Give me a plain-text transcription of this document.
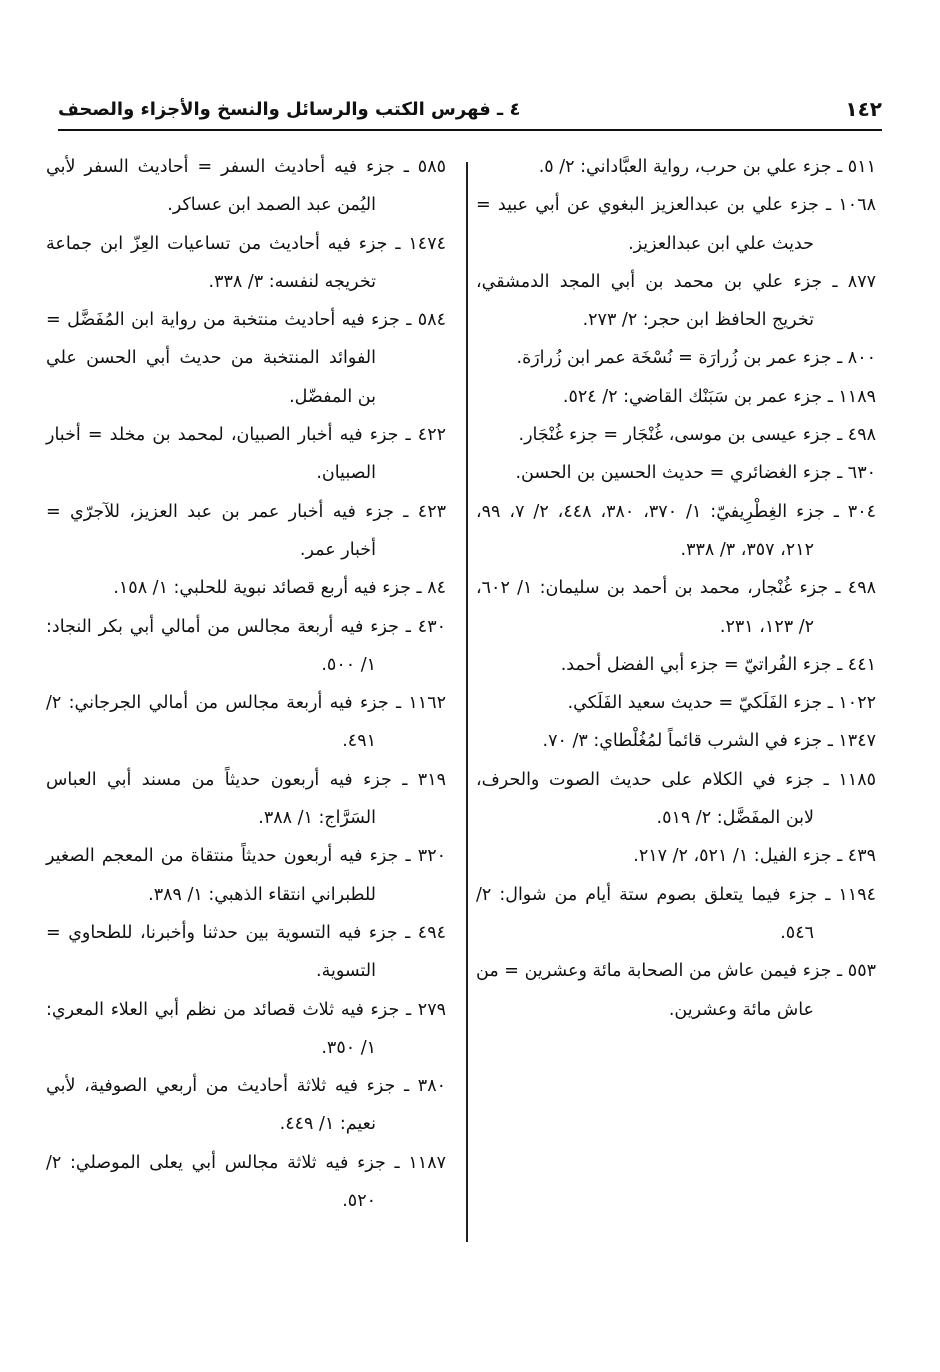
١٤٢
٤ ـ فهرس الكتب والرسائل والنسخ والأجزاء والصحف
٥١١ ـ جزء علي بن حرب، رواية العبَّاداني: ٢/ ٥.
١٠٦٨ ـ جزء علي بن عبدالعزيز البغوي عن أبي عبيد = حديث علي ابن عبدالعزيز.
٨٧٧ ـ جزء علي بن محمد بن أبي المجد الدمشقي، تخريج الحافظ ابن حجر: ٢/ ٢٧٣.
٨٠٠ ـ جزء عمر بن زُرارَة = نُسْخَة عمر ابن زُرارَة.
١١٨٩ ـ جزء عمر بن سَبَنْك القاضي: ٢/ ٥٢٤.
٤٩٨ ـ جزء عيسى بن موسى، غُنْجَار = جزء غُنْجَار.
٦٣٠ ـ جزء الغضائري = حديث الحسين بن الحسن.
٣٠٤ ـ جزء الغِطْرِيفيّ: ١/ ٣٧٠، ٣٨٠، ٤٤٨، ٢/ ٧، ٩٩، ٢١٢، ٣٥٧، ٣/ ٣٣٨.
٤٩٨ ـ جزء غُنْجار، محمد بن أحمد بن سليمان: ١/ ٦٠٢، ٢/ ١٢٣، ٢٣١.
٤٤١ ـ جزء الفُراتيّ = جزء أبي الفضل أحمد.
١٠٢٢ ـ جزء الفَلَكيّ = حديث سعيد الفَلَكي.
١٣٤٧ ـ جزء في الشرب قائماً لمُغُلْطاي: ٣/ ٧٠.
١١٨٥ ـ جزء في الكلام على حديث الصوت والحرف، لابن المفَضَّل: ٢/ ٥١٩.
٤٣٩ ـ جزء الفيل: ١/ ٥٢١، ٢/ ٢١٧.
١١٩٤ ـ جزء فيما يتعلق بصوم ستة أيام من شوال: ٢/ ٥٤٦.
٥٥٣ ـ جزء فيمن عاش من الصحابة مائة وعشرين = من عاش مائة وعشرين.
٥٨٥ ـ جزء فيه أحاديث السفر = أحاديث السفر لأبي اليُمن عبد الصمد ابن عساكر.
١٤٧٤ ـ جزء فيه أحاديث من تساعيات العِزّ ابن جماعة تخريجه لنفسه: ٣/ ٣٣٨.
٥٨٤ ـ جزء فيه أحاديث منتخبة من رواية ابن المُفَضَّل = الفوائد المنتخبة من حديث أبي الحسن علي بن المفضّل.
٤٢٢ ـ جزء فيه أخبار الصبيان، لمحمد بن مخلد = أخبار الصبيان.
٤٢٣ ـ جزء فيه أخبار عمر بن عبد العزيز، للآجرّي = أخبار عمر.
٨٤ ـ جزء فيه أربع قصائد نبوية للحلبي: ١/ ١٥٨.
٤٣٠ ـ جزء فيه أربعة مجالس من أمالي أبي بكر النجاد: ١/ ٥٠٠.
١١٦٢ ـ جزء فيه أربعة مجالس من أمالي الجرجاني: ٢/ ٤٩١.
٣١٩ ـ جزء فيه أربعون حديثاً من مسند أبي العباس السَرَّاج: ١/ ٣٨٨.
٣٢٠ ـ جزء فيه أربعون حديثاً منتقاة من المعجم الصغير للطبراني انتقاء الذهبي: ١/ ٣٨٩.
٤٩٤ ـ جزء فيه التسوية بين حدثنا وأخبرنا، للطحاوي = التسوية.
٢٧٩ ـ جزء فيه ثلاث قصائد من نظم أبي العلاء المعري: ١/ ٣٥٠.
٣٨٠ ـ جزء فيه ثلاثة أحاديث من أربعي الصوفية، لأبي نعيم: ١/ ٤٤٩.
١١٨٧ ـ جزء فيه ثلاثة مجالس أبي يعلى الموصلي: ٢/ ٥٢٠.
